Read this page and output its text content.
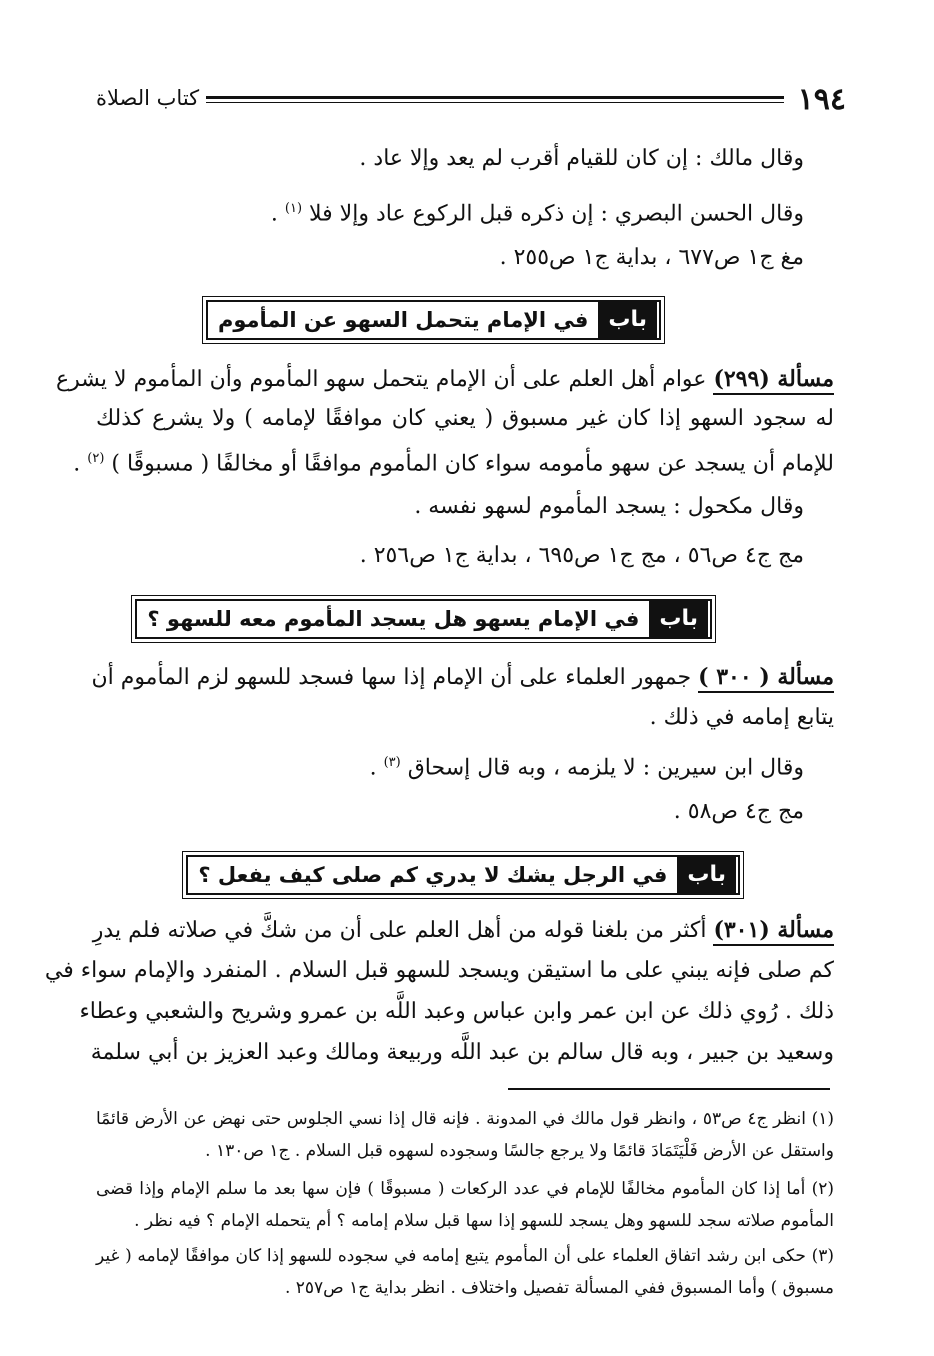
١٩٤
كتاب الصلاة
وقال مالك : إن كان للقيام أقرب لم يعد وإلا عاد .
وقال الحسن البصري : إن ذكره قبل الركوع عاد وإلا فلا $^{(١)}$ .
مغ ج١ ص٦٧٧ ، بداية ج١ ص٢٥٥ .
باب
في الإمام يتحمل السهو عن المأموم
مسألة (٢٩٩) عوام أهل العلم على أن الإمام يتحمل سهو المأموم وأن المأموم لا يشرع
له سجود السهو إذا كان غير مسبوق ( يعني كان موافقًا لإمامه ) ولا يشرع كذلك
للإمام أن يسجد عن سهو مأمومه سواء كان المأموم موافقًا أو مخالفًا ( مسبوقًا ) $^{(٢)}$ .
وقال مكحول : يسجد المأموم لسهو نفسه .
مج ج٤ ص٥٦ ، مج ج١ ص٦٩٥ ، بداية ج١ ص٢٥٦ .
باب
في الإمام يسهو هل يسجد المأموم معه للسهو ؟
مسألة ( ٣٠٠ ) جمهور العلماء على أن الإمام إذا سها فسجد للسهو لزم المأموم أن
يتابع إمامه في ذلك .
وقال ابن سيرين : لا يلزمه ، وبه قال إسحاق $^{(٣)}$ .
مج ج٤ ص٥٨ .
باب
في الرجل يشك لا يدري كم صلى كيف يفعل ؟
مسألة (٣٠١) أكثر من بلغنا قوله من أهل العلم على أن من شكَّ في صلاته فلم يدرِ
كم صلى فإنه يبني على ما استيقن ويسجد للسهو قبل السلام . المنفرد والإمام سواء في
ذلك . رُوي ذلك عن ابن عمر وابن عباس وعبد اللَّه بن عمرو وشريح والشعبي وعطاء
وسعيد بن جبير ، وبه قال سالم بن عبد اللَّه وربيعة ومالك وعبد العزيز بن أبي سلمة
(١) انظر ج٤ ص٥٣ ، وانظر قول مالك في المدونة . فإنه قال إذا نسي الجلوس حتى نهض عن الأرض قائمًا
واستقل عن الأرض فَلْيَتَمَادَ قائمًا ولا يرجع جالسًا وسجوده لسهوه قبل السلام . ج١ ص١٣٠ .
(٢) أما إذا كان المأموم مخالفًا للإمام في عدد الركعات ( مسبوقًا ) فإن سها بعد ما سلم الإمام وإذا قضى
المأموم صلاته سجد للسهو وهل يسجد للسهو إذا سها قبل سلام إمامه ؟ أم يتحمله الإمام ؟ فيه نظر .
(٣) حكى ابن رشد اتفاق العلماء على أن المأموم يتبع إمامه في سجوده للسهو إذا كان موافقًا لإمامه ( غير
مسبوق ) وأما المسبوق ففي المسألة تفصيل واختلاف . انظر بداية ج١ ص٢٥٧ .
